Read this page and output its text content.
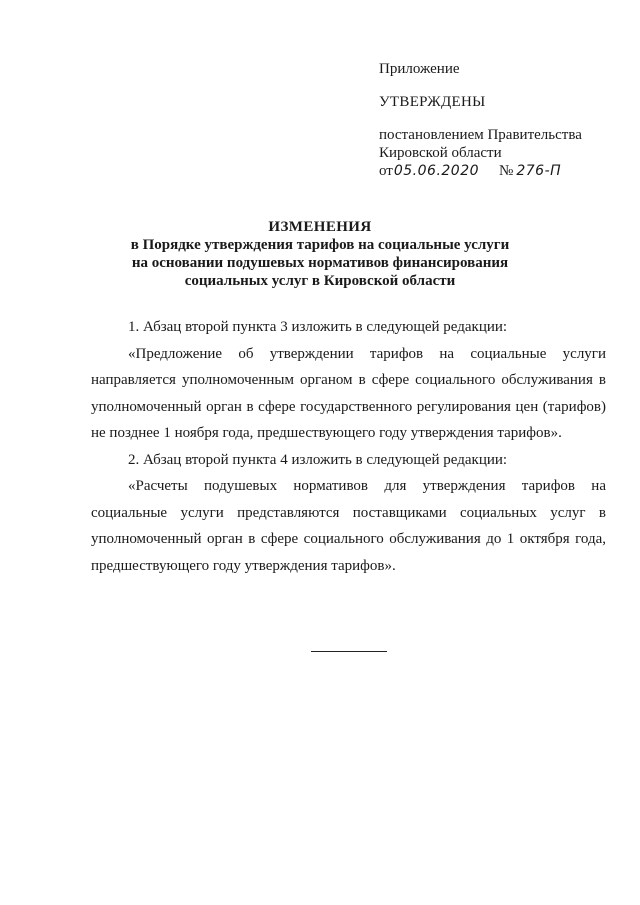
Приложение

УТВЕРЖДЕНЫ

постановлением Правительства
Кировской области
от05.06.2020 № 276-П

ИЗМЕНЕНИЯ
в Порядке утверждения тарифов на социальные услуги
на основании подушевых нормативов финансирования
социальных услуг в Кировской области

1. Абзац второй пункта 3 изложить в следующей редакции:

«Предложение об утверждении тарифов на социальные услуги направляется уполномоченным органом в сфере социального обслуживания в уполномоченный орган в сфере государственного регулирования цен (тарифов) не позднее 1 ноября года, предшествующего году утверждения тарифов».

2. Абзац второй пункта 4 изложить в следующей редакции:

«Расчеты подушевых нормативов для утверждения тарифов на социальные услуги представляются поставщиками социальных услуг в уполномоченный орган в сфере социального обслуживания до 1 октября года, предшествующего году утверждения тарифов».
